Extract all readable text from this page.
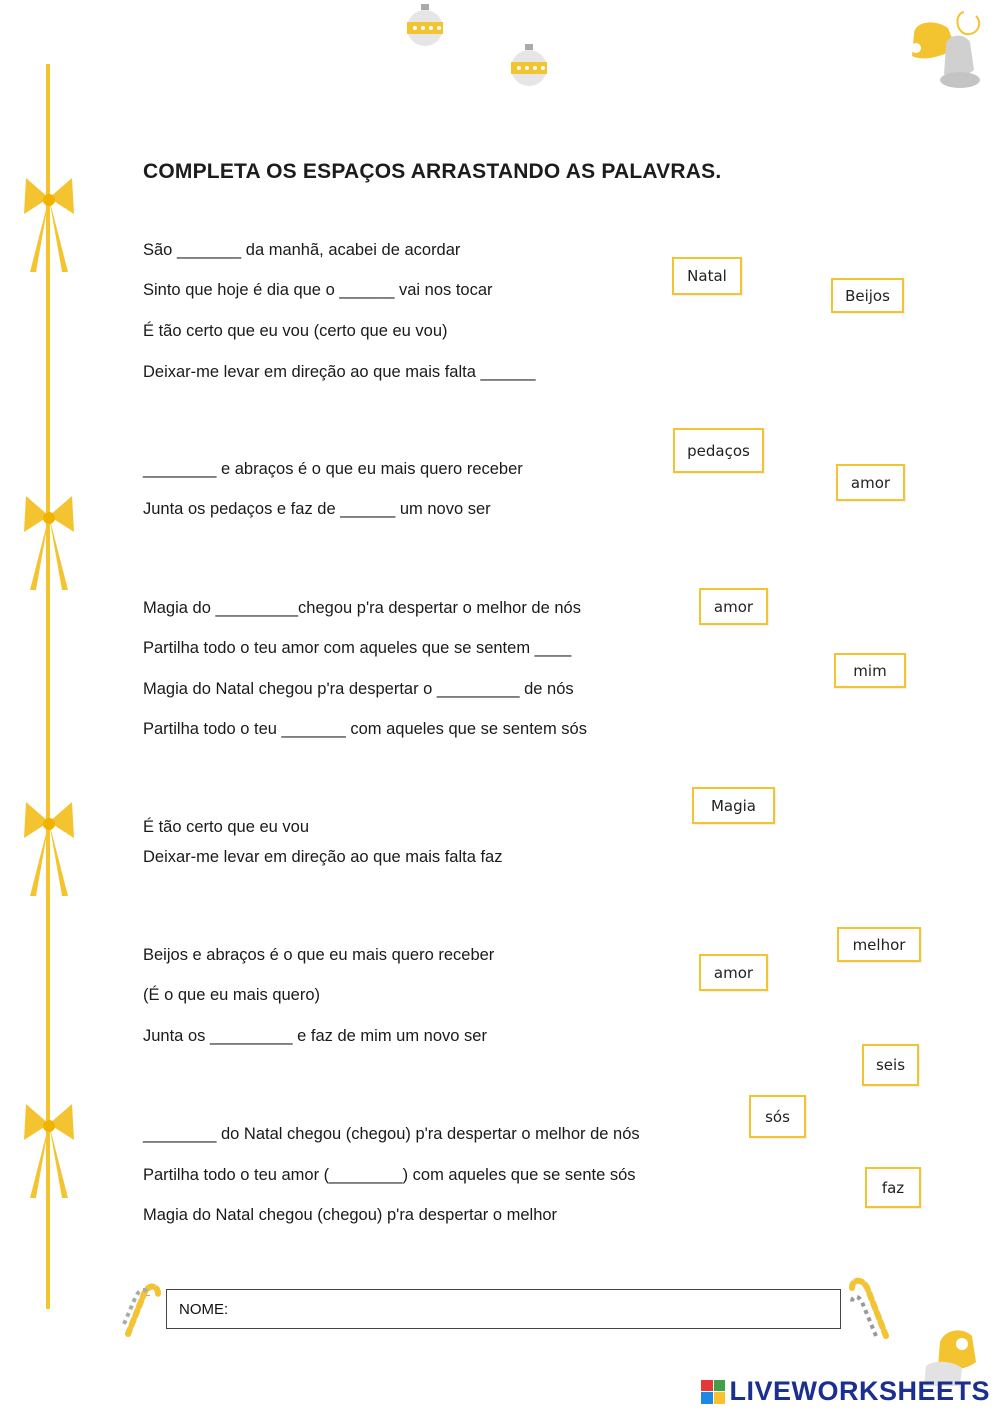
COMPLETA OS ESPAÇOS ARRASTANDO AS PALAVRAS.
São _______ da manhã, acabei de acordar
Sinto que hoje é dia que o ______ vai nos tocar
É tão certo que eu vou (certo que eu vou)
Deixar-me levar em direção ao que mais falta ______
________ e abraços é o que eu mais quero receber
Junta os pedaços e faz de ______ um novo ser
Magia do _________chegou p'ra despertar o melhor de nós
Partilha todo o teu amor com aqueles que se sentem ____
Magia do Natal chegou p'ra despertar o _________ de nós
Partilha todo o teu _______ com aqueles que se sentem sós
É tão certo que eu vou
Deixar-me levar em direção ao que mais falta faz
Beijos e abraços é o que eu mais quero receber
(É o que eu mais quero)
Junta os _________ e faz de mim um novo ser
________ do Natal chegou (chegou) p'ra despertar o melhor de nós
Partilha todo o teu amor (________) com aqueles que se sente sós
Magia do Natal chegou (chegou) p'ra despertar o melhor
Natal
Beijos
pedaços
amor
amor
mim
Magia
melhor
amor
seis
sós
faz
NOME:
LIVEWORKSHEETS
